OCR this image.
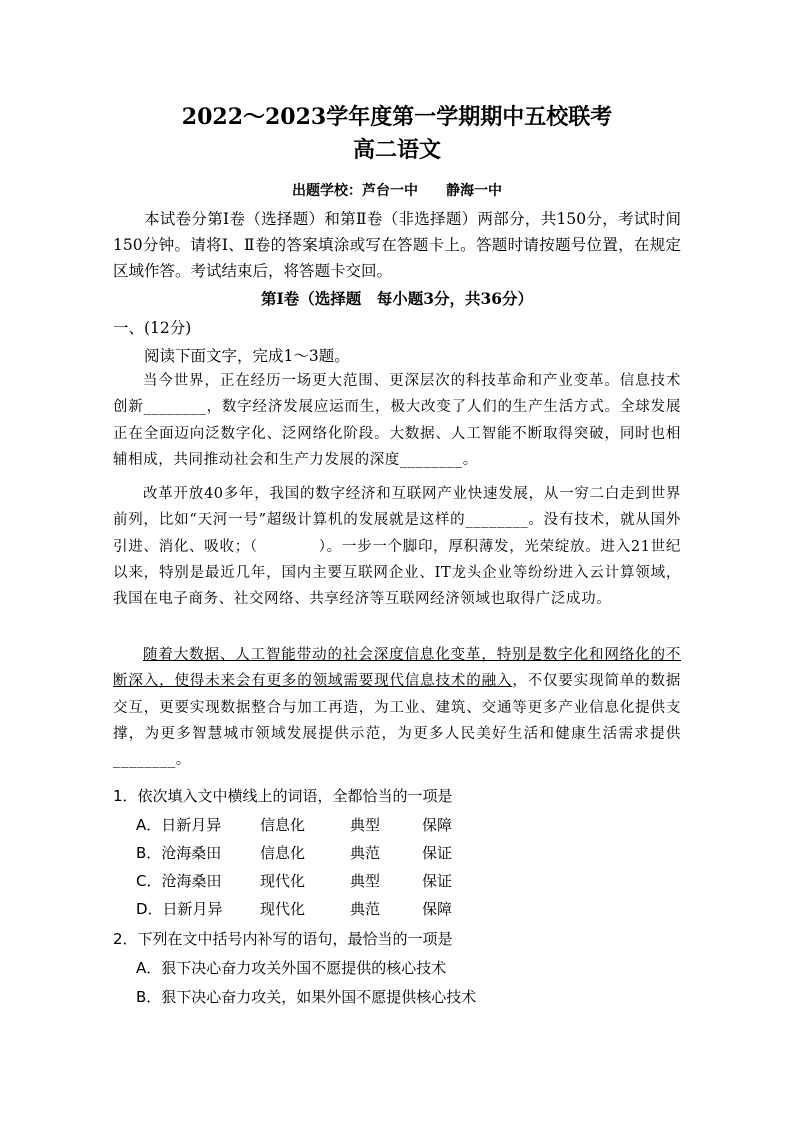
2022～2023学年度第一学期期中五校联考
高二语文
出题学校：芦台一中　　静海一中
本试卷分第Ⅰ卷（选择题）和第Ⅱ卷（非选择题）两部分，共150分，考试时间150分钟。请将Ⅰ、Ⅱ卷的答案填涂或写在答题卡上。答题时请按题号位置，在规定区域作答。考试结束后，将答题卡交回。
第Ⅰ卷（选择题　每小题3分，共36分）
一、(12分)
阅读下面文字，完成1～3题。
当今世界，正在经历一场更大范围、更深层次的科技革命和产业变革。信息技术创新________，数字经济发展应运而生，极大改变了人们的生产生活方式。全球发展正在全面迈向泛数字化、泛网络化阶段。大数据、人工智能不断取得突破，同时也相辅相成，共同推动社会和生产力发展的深度________。
改革开放40多年，我国的数字经济和互联网产业快速发展，从一穷二白走到世界前列，比如“天河一号”超级计算机的发展就是这样的________。没有技术，就从国外引进、消化、吸收；（　　　　）。一步一个脚印，厚积薄发，光荣绽放。进入21世纪以来，特别是最近几年，国内主要互联网企业、IT龙头企业等纷纷进入云计算领域，我国在电子商务、社交网络、共享经济等互联网经济领域也取得广泛成功。
随着大数据、人工智能带动的社会深度信息化变革，特别是数字化和网络化的不断深入，使得未来会有更多的领域需要现代信息技术的融入，不仅要实现简单的数据交互，更要实现数据整合与加工再造，为工业、建筑、交通等更多产业信息化提供支撑，为更多智慧城市领域发展提供示范，为更多人民美好生活和健康生活需求提供________。
1．依次填入文中横线上的词语，全都恰当的一项是
A．日新月异	信息化	典型	保障
B．沧海桑田	信息化	典范	保证
C．沧海桑田	现代化	典型	保证
D．日新月异 现代化	典范	保障
2．下列在文中括号内补写的语句，最恰当的一项是
A．狠下决心奋力攻关外国不愿提供的核心技术
B．狠下决心奋力攻关，如果外国不愿提供核心技术
